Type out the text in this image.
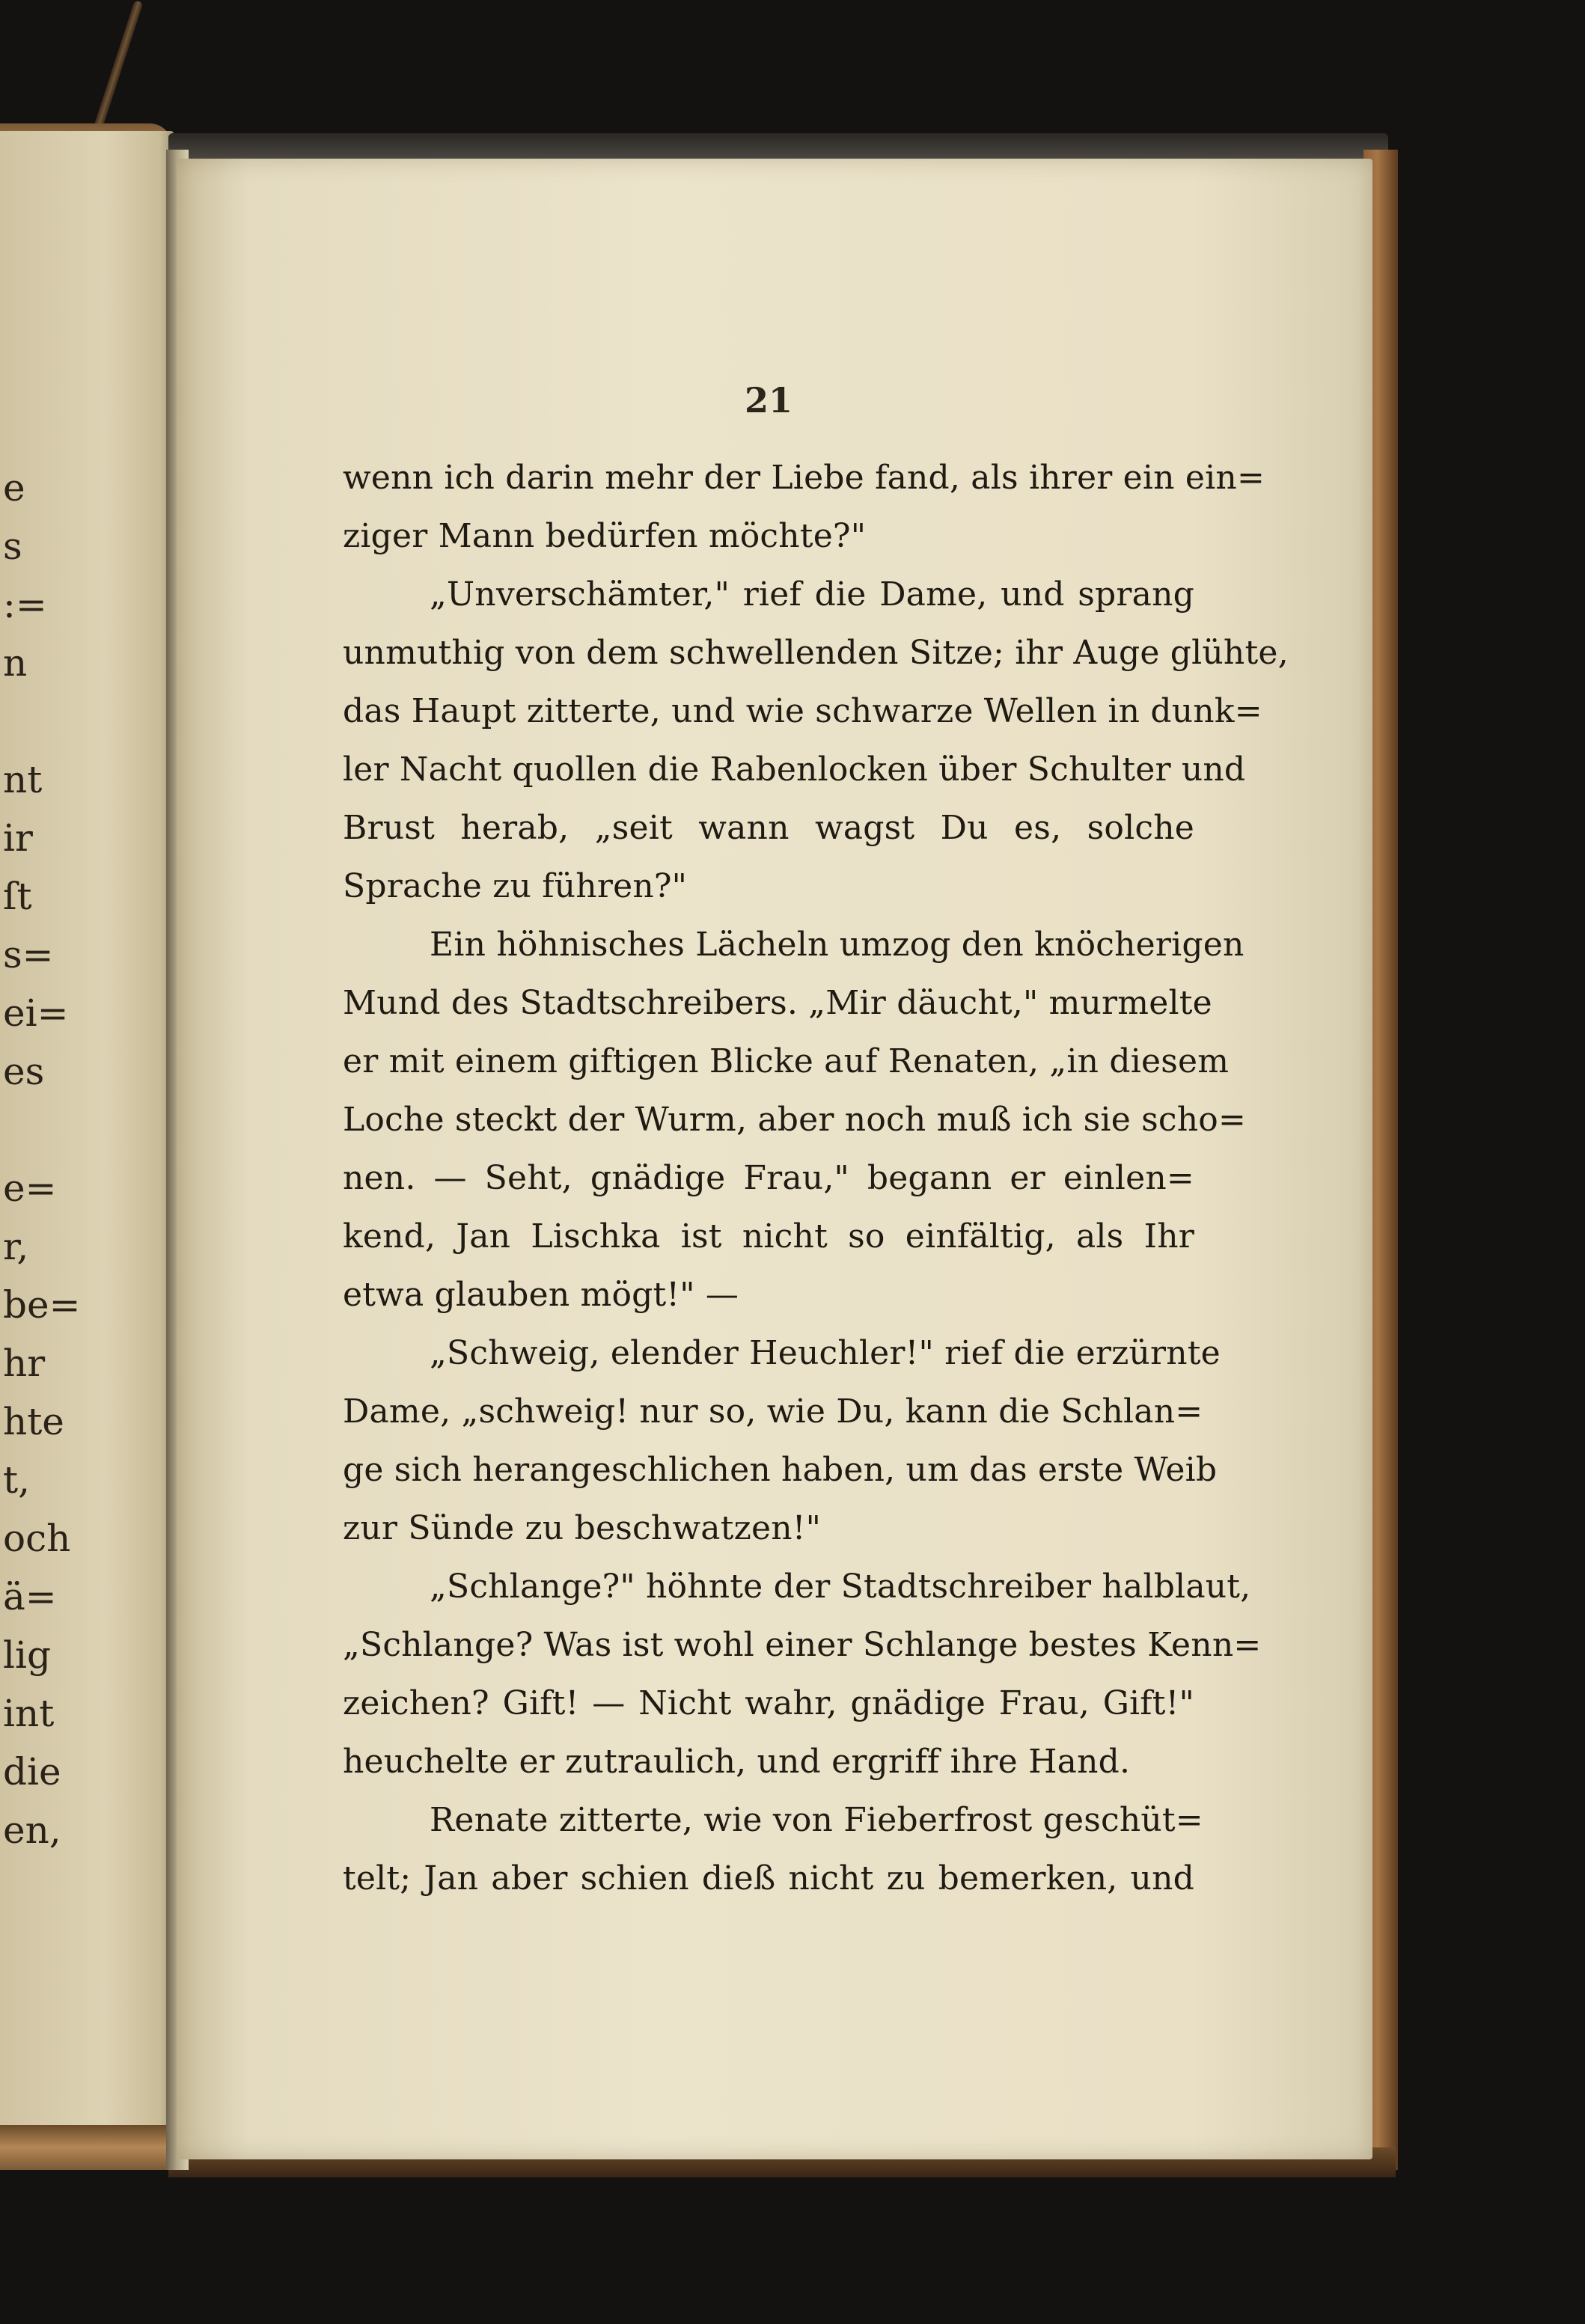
e
s
:=
n
nt
ir
ſt
s=
ei=
es
e=
r,
be=
hr
hte
t,
och
ä=
lig
int
die
en,
21
wenn ich darin mehr der Liebe fand, als ihrer ein ein=
ziger Mann bedürfen möchte?"
„Unverschämter," rief die Dame, und sprang
unmuthig von dem schwellenden Sitze; ihr Auge glühte,
das Haupt zitterte, und wie schwarze Wellen in dunk=
ler Nacht quollen die Rabenlocken über Schulter und
Brust herab, „seit wann wagst Du es, solche
Sprache zu führen?"
Ein höhnisches Lächeln umzog den knöcherigen
Mund des Stadtschreibers. „Mir däucht," murmelte
er mit einem giftigen Blicke auf Renaten, „in diesem
Loche steckt der Wurm, aber noch muß ich sie scho=
nen. — Seht, gnädige Frau," begann er einlen=
kend, Jan Lischka ist nicht so einfältig, als Ihr
etwa glauben mögt!" —
„Schweig, elender Heuchler!" rief die erzürnte
Dame, „schweig! nur so, wie Du, kann die Schlan=
ge sich herangeschlichen haben, um das erste Weib
zur Sünde zu beschwatzen!"
„Schlange?" höhnte der Stadtschreiber halblaut,
„Schlange? Was ist wohl einer Schlange bestes Kenn=
zeichen? Gift! — Nicht wahr, gnädige Frau, Gift!"
heuchelte er zutraulich, und ergriff ihre Hand.
Renate zitterte, wie von Fieberfrost geschüt=
telt; Jan aber schien dieß nicht zu bemerken, und
